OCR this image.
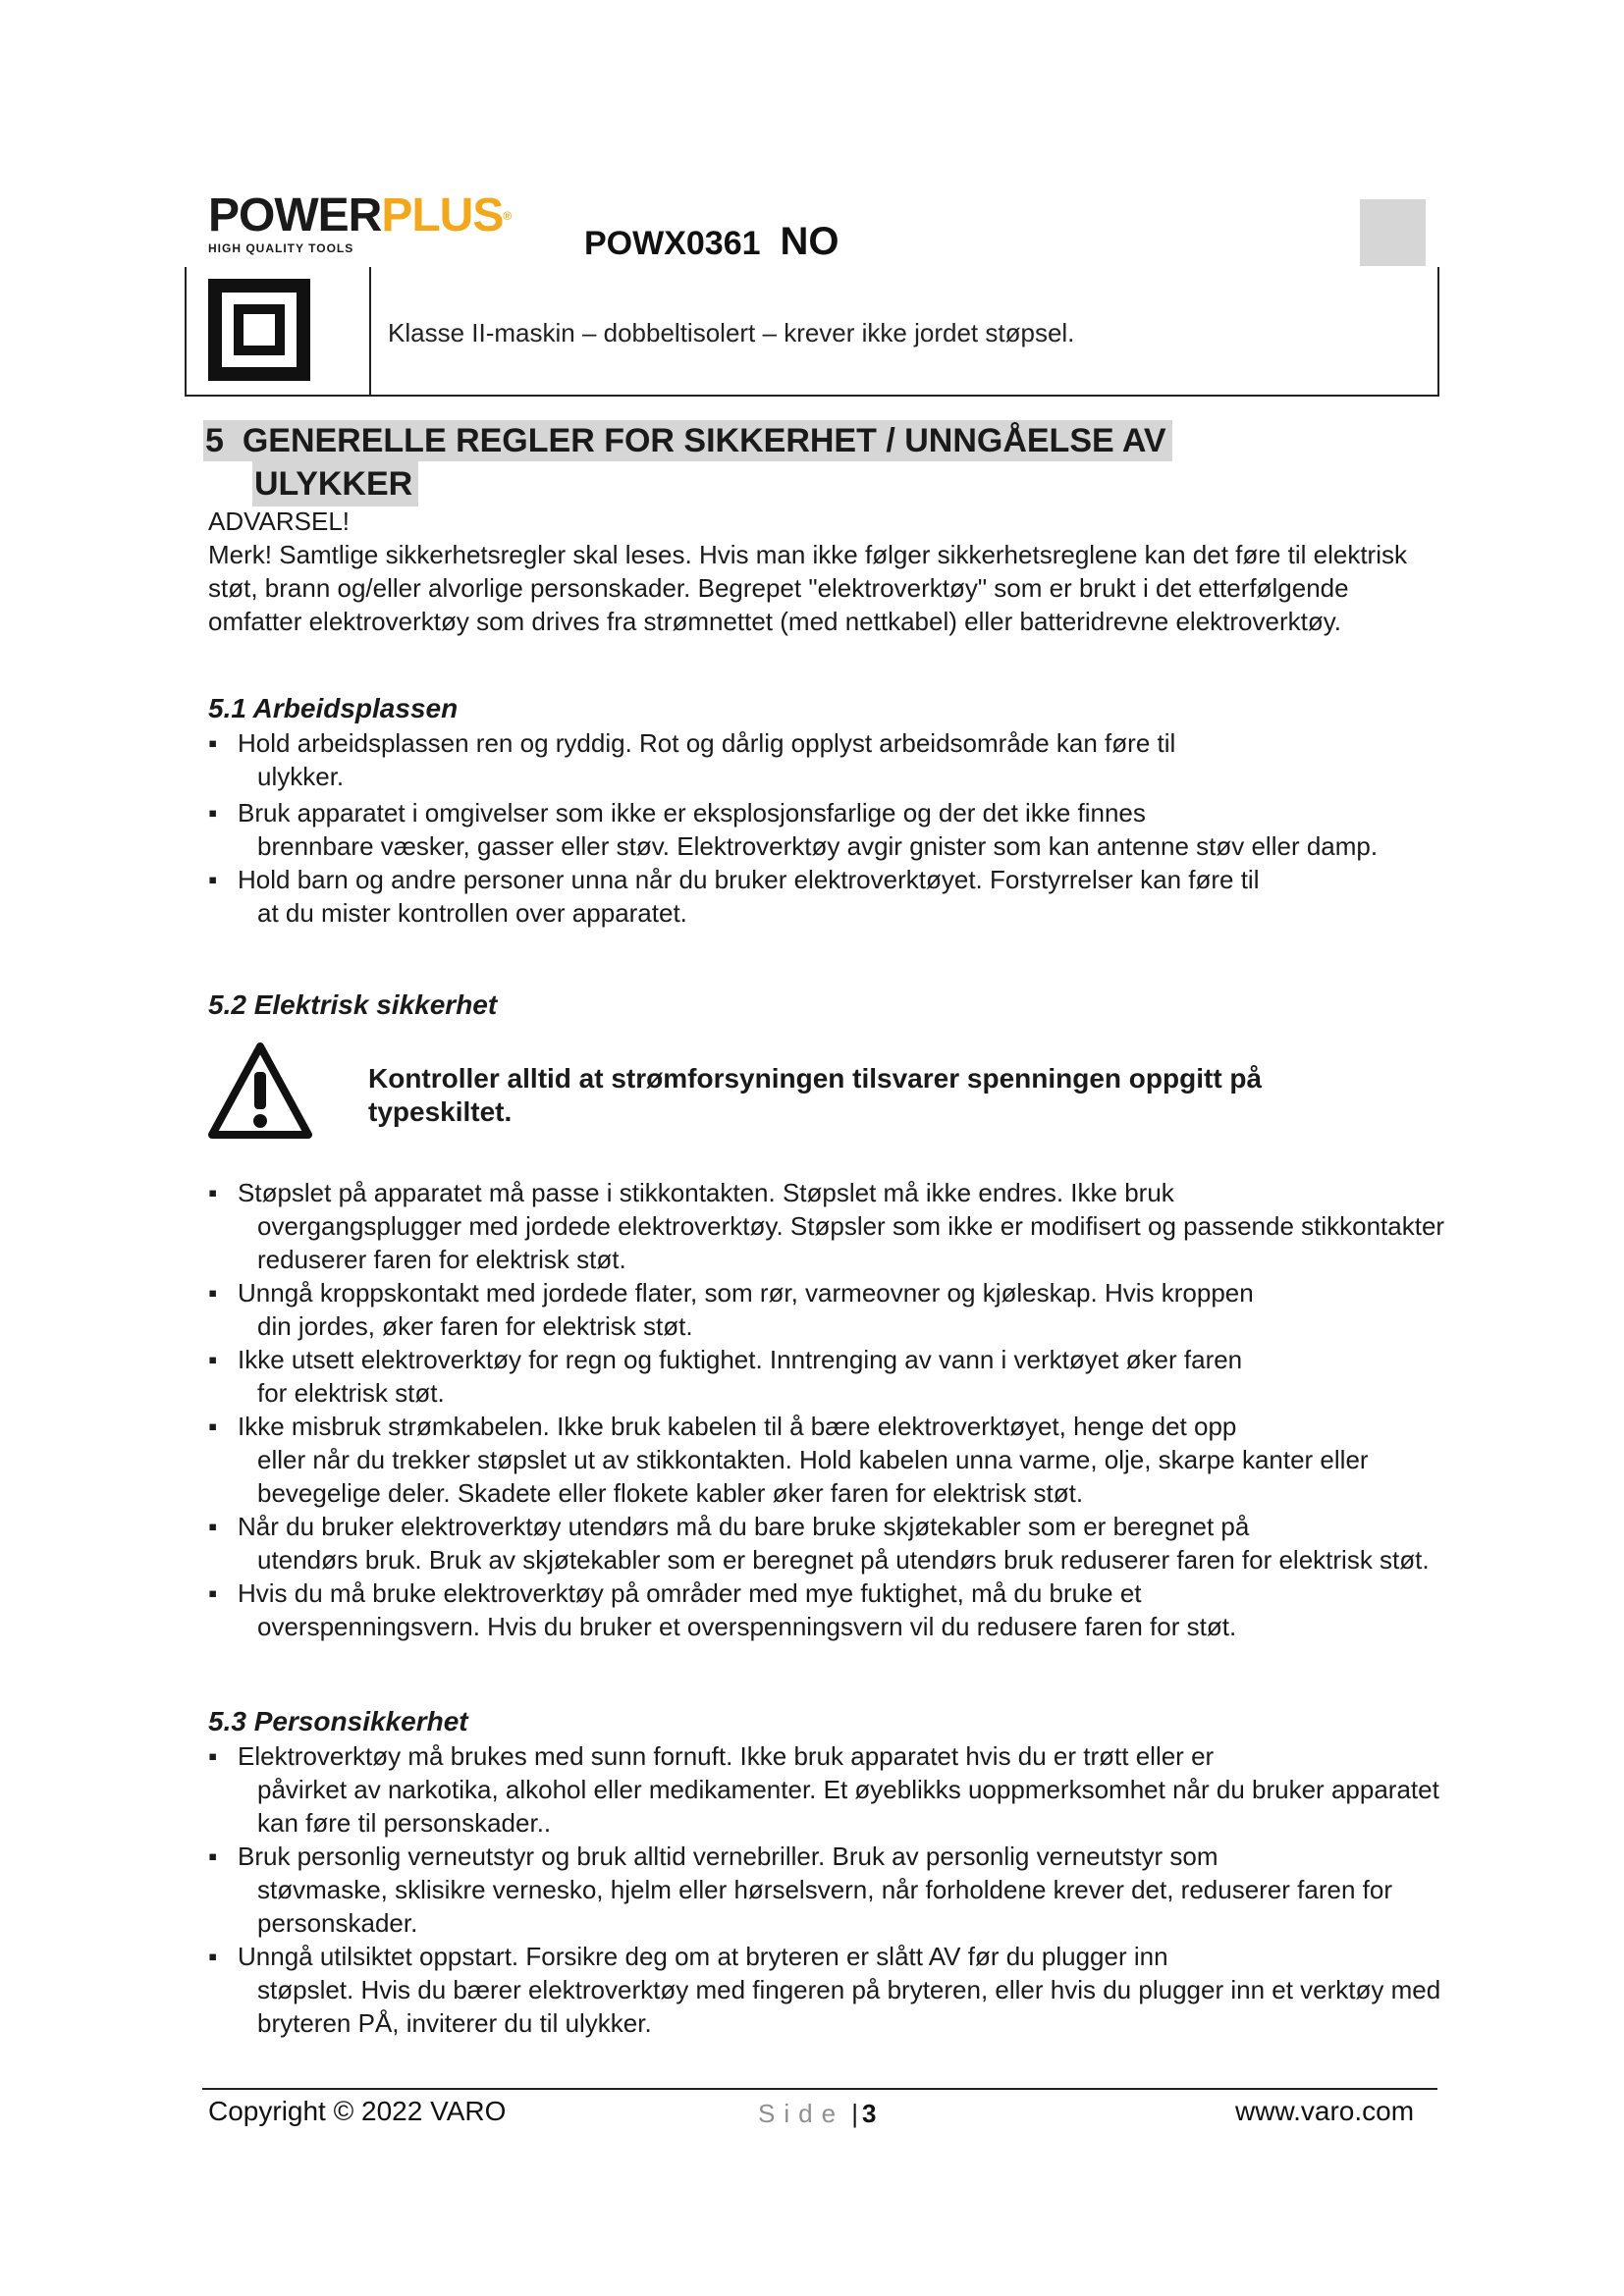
POWERPLUS®
HIGH QUALITY TOOLS	POWX0361 NO
Klasse II-maskin – dobbeltisolert – krever ikke jordet støpsel.
5 GENERELLE REGLER FOR SIKKERHET / UNNGÅELSE AV
ULYKKER
ADVARSEL!
Merk! Samtlige sikkerhetsregler skal leses. Hvis man ikke følger sikkerhetsreglene kan det føre til elektrisk støt, brann og/eller alvorlige personskader. Begrepet "elektroverktøy" som er brukt i det etterfølgende omfatter elektroverktøy som drives fra strømnettet (med nettkabel) eller batteridrevne elektroverktøy.
5.1 Arbeidsplassen
▪ Hold arbeidsplassen ren og ryddig. Rot og dårlig opplyst arbeidsområde kan føre til
ulykker.
▪ Bruk apparatet i omgivelser som ikke er eksplosjonsfarlige og der det ikke finnes

brennbare væsker, gasser eller støv. Elektroverktøy avgir gnister som kan antenne støv eller damp.
▪ Hold barn og andre personer unna når du bruker elektroverktøyet. Forstyrrelser kan føre til
at du mister kontrollen over apparatet.
5.2 Elektrisk sikkerhet
Kontroller alltid at strømforsyningen tilsvarer spenningen oppgitt på typeskiltet.
▪ Støpslet på apparatet må passe i stikkontakten. Støpslet må ikke endres. Ikke bruk

overgangsplugger med jordede elektroverktøy. Støpsler som ikke er modifisert og passende stikkontakter reduserer faren for elektrisk støt.
▪ Unngå kroppskontakt med jordede flater, som rør, varmeovner og kjøleskap. Hvis kroppen
din jordes, øker faren for elektrisk støt.
▪ Ikke utsett elektroverktøy for regn og fuktighet. Inntrenging av vann i verktøyet øker faren
for elektrisk støt.
▪ Ikke misbruk strømkabelen. Ikke bruk kabelen til å bære elektroverktøyet, henge det opp

eller når du trekker støpslet ut av stikkontakten. Hold kabelen unna varme, olje, skarpe kanter eller bevegelige deler. Skadete eller flokete kabler øker faren for elektrisk støt.
▪ Når du bruker elektroverktøy utendørs må du bare bruke skjøtekabler som er beregnet på

utendørs bruk. Bruk av skjøtekabler som er beregnet på utendørs bruk reduserer faren for elektrisk støt.
▪ Hvis du må bruke elektroverktøy på områder med mye fuktighet, må du bruke et
overspenningsvern. Hvis du bruker et overspenningsvern vil du redusere faren for støt.
5.3 Personsikkerhet
▪ Elektroverktøy må brukes med sunn fornuft. Ikke bruk apparatet hvis du er trøtt eller er

påvirket av narkotika, alkohol eller medikamenter. Et øyeblikks uoppmerksomhet når du bruker apparatet kan føre til personskader..
▪ Bruk personlig verneutstyr og bruk alltid vernebriller. Bruk av personlig verneutstyr som

støvmaske, sklisikre vernesko, hjelm eller hørselsvern, når forholdene krever det, reduserer faren for personskader.
▪ Unngå utilsiktet oppstart. Forsikre deg om at bryteren er slått AV før du plugger inn

støpslet. Hvis du bærer elektroverktøy med fingeren på bryteren, eller hvis du plugger inn et verktøy med bryteren PÅ, inviterer du til ulykker.
Copyright © 2022 VARO	Side | 3	www.varo.com
